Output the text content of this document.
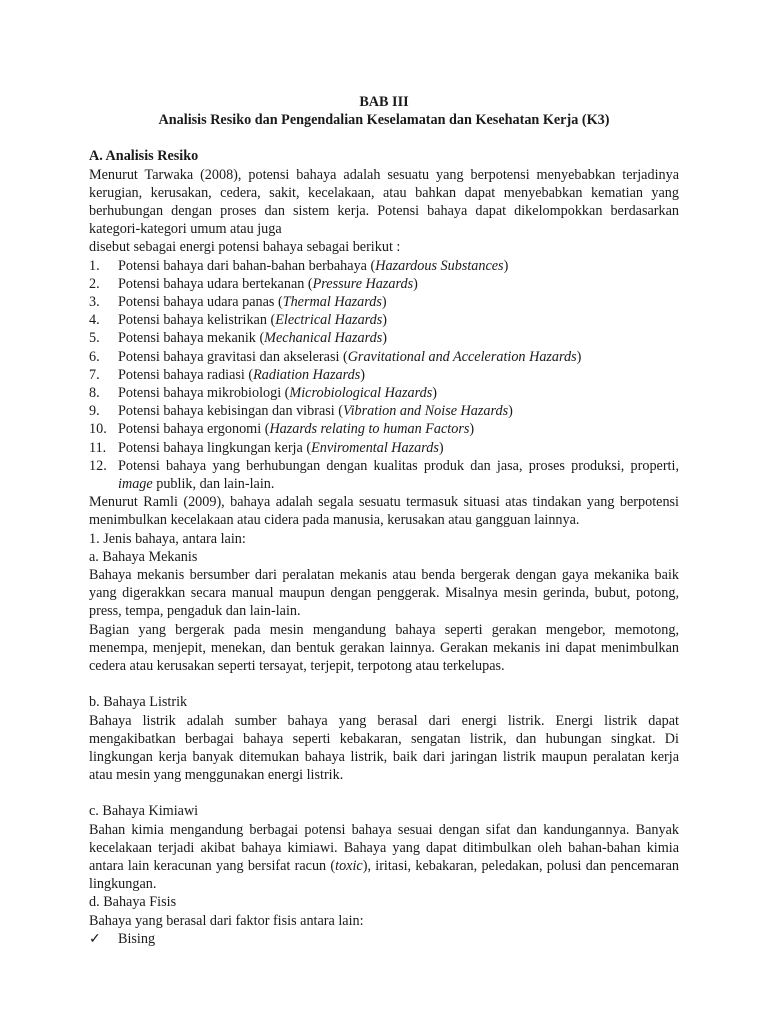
BAB III
Analisis Resiko dan Pengendalian Keselamatan dan Kesehatan Kerja (K3)
A. Analisis Resiko
Menurut Tarwaka (2008), potensi bahaya adalah sesuatu yang berpotensi menyebabkan terjadinya kerugian, kerusakan, cedera, sakit, kecelakaan, atau bahkan dapat menyebabkan kematian yang berhubungan dengan proses dan sistem kerja. Potensi bahaya dapat dikelompokkan berdasarkan kategori-kategori umum atau juga
disebut sebagai energi potensi bahaya sebagai berikut :
1. Potensi bahaya dari bahan-bahan berbahaya (Hazardous Substances)
2. Potensi bahaya udara bertekanan (Pressure Hazards)
3. Potensi bahaya udara panas (Thermal Hazards)
4. Potensi bahaya kelistrikan (Electrical Hazards)
5. Potensi bahaya mekanik (Mechanical Hazards)
6. Potensi bahaya gravitasi dan akselerasi (Gravitational and Acceleration Hazards)
7. Potensi bahaya radiasi (Radiation Hazards)
8. Potensi bahaya mikrobiologi (Microbiological Hazards)
9. Potensi bahaya kebisingan dan vibrasi (Vibration and Noise Hazards)
10. Potensi bahaya ergonomi (Hazards relating to human Factors)
11. Potensi bahaya lingkungan kerja (Enviromental Hazards)
12. Potensi bahaya yang berhubungan dengan kualitas produk dan jasa, proses produksi, properti, image publik, dan lain-lain.
Menurut Ramli (2009), bahaya adalah segala sesuatu termasuk situasi atas tindakan yang berpotensi menimbulkan kecelakaan atau cidera pada manusia, kerusakan atau gangguan lainnya.
1. Jenis bahaya, antara lain:
a. Bahaya Mekanis
Bahaya mekanis bersumber dari peralatan mekanis atau benda bergerak dengan gaya mekanika baik yang digerakkan secara manual maupun dengan penggerak. Misalnya mesin gerinda, bubut, potong, press, tempa, pengaduk dan lain-lain.
Bagian yang bergerak pada mesin mengandung bahaya seperti gerakan mengebor, memotong, menempa, menjepit, menekan, dan bentuk gerakan lainnya. Gerakan mekanis ini dapat menimbulkan cedera atau kerusakan seperti tersayat, terjepit, terpotong atau terkelupas.
b. Bahaya Listrik
Bahaya listrik adalah sumber bahaya yang berasal dari energi listrik. Energi listrik dapat mengakibatkan berbagai bahaya seperti kebakaran, sengatan listrik, dan hubungan singkat. Di lingkungan kerja banyak ditemukan bahaya listrik, baik dari jaringan listrik maupun peralatan kerja atau mesin yang menggunakan energi listrik.
c. Bahaya Kimiawi
Bahan kimia mengandung berbagai potensi bahaya sesuai dengan sifat dan kandungannya. Banyak kecelakaan terjadi akibat bahaya kimiawi. Bahaya yang dapat ditimbulkan oleh bahan-bahan kimia antara lain keracunan yang bersifat racun (toxic), iritasi, kebakaran, peledakan, polusi dan pencemaran lingkungan.
d. Bahaya Fisis
Bahaya yang berasal dari faktor fisis antara lain:
✓ Bising
